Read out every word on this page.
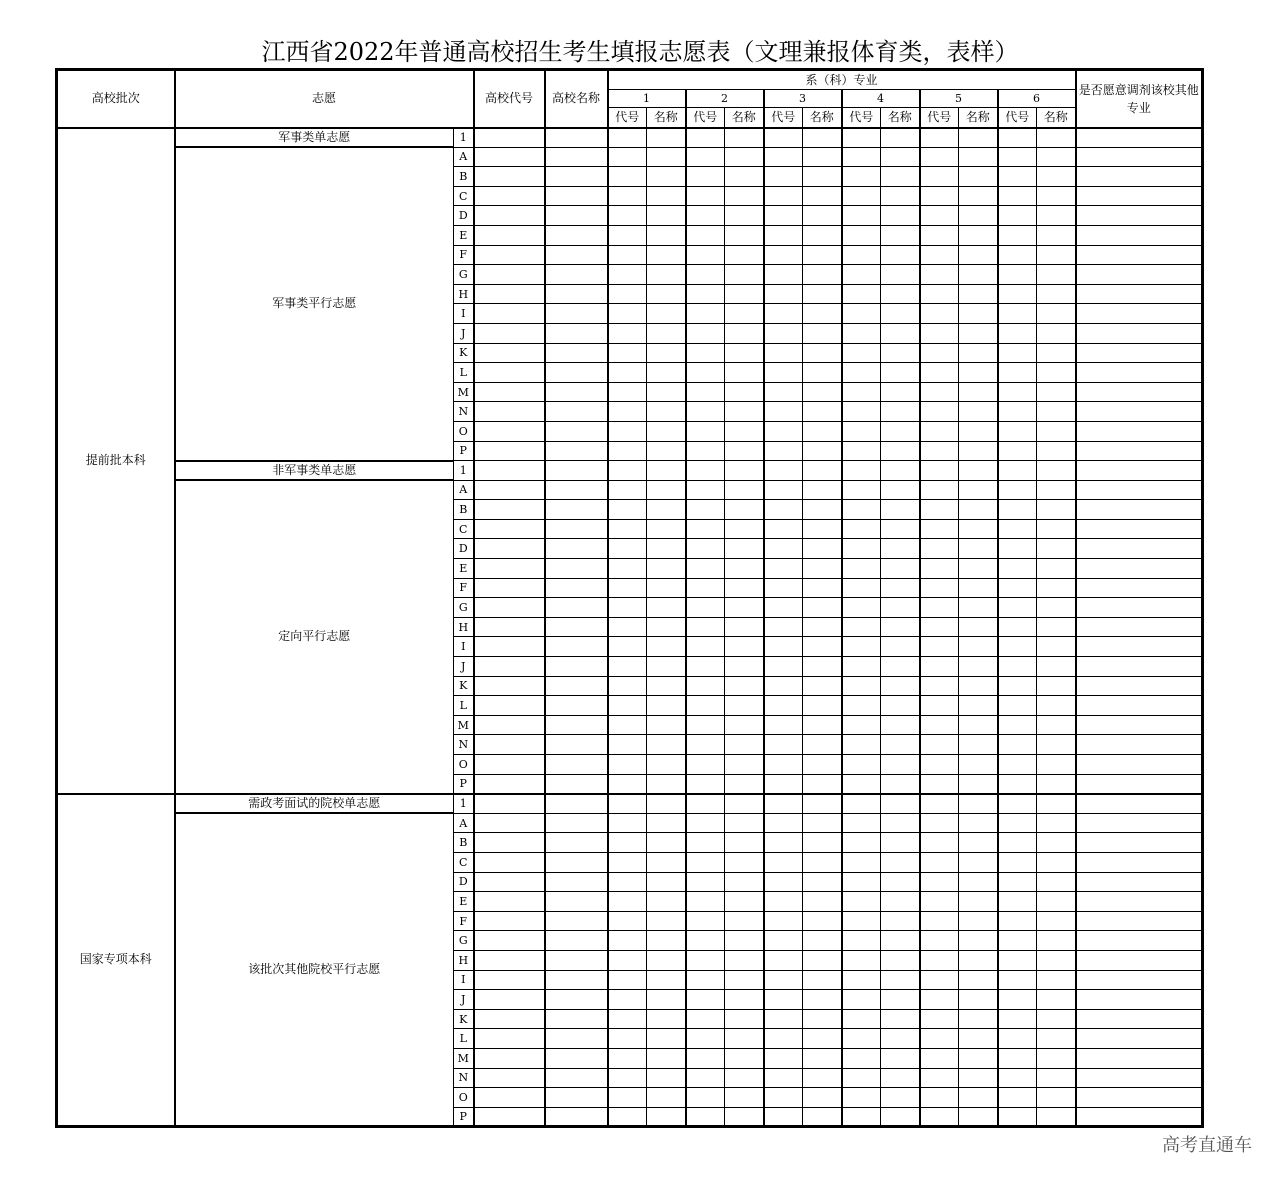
江西省2022年普通高校招生考生填报志愿表（文理兼报体育类，表样）
高校批次	志愿		高校代号	高校名称	系（科）专业												是否愿意调剂该校其他专业
					1		2		3		4		5		6		
					代号	名称	代号	名称	代号	名称	代号	名称	代号	名称	代号	名称	
提前批本科	军事类单志愿	1															
	军事类平行志愿	A															
		B															
		C															
		D															
		E															
		F															
		G															
		H															
		I															
		J															
		K															
		L															
		M															
		N															
		O															
		P															
	非军事类单志愿	1															
	定向平行志愿	A															
		B															
		C															
		D															
		E															
		F															
		G															
		H															
		I															
		J															
		K															
		L															
		M															
		N															
		O															
		P															
国家专项本科	需政考面试的院校单志愿	1															
	该批次其他院校平行志愿	A															
		B															
		C															
		D															
		E															
		F															
		G															
		H															
		I															
		J															
		K															
		L															
		M															
		N															
		O															
		P															
高考直通车
